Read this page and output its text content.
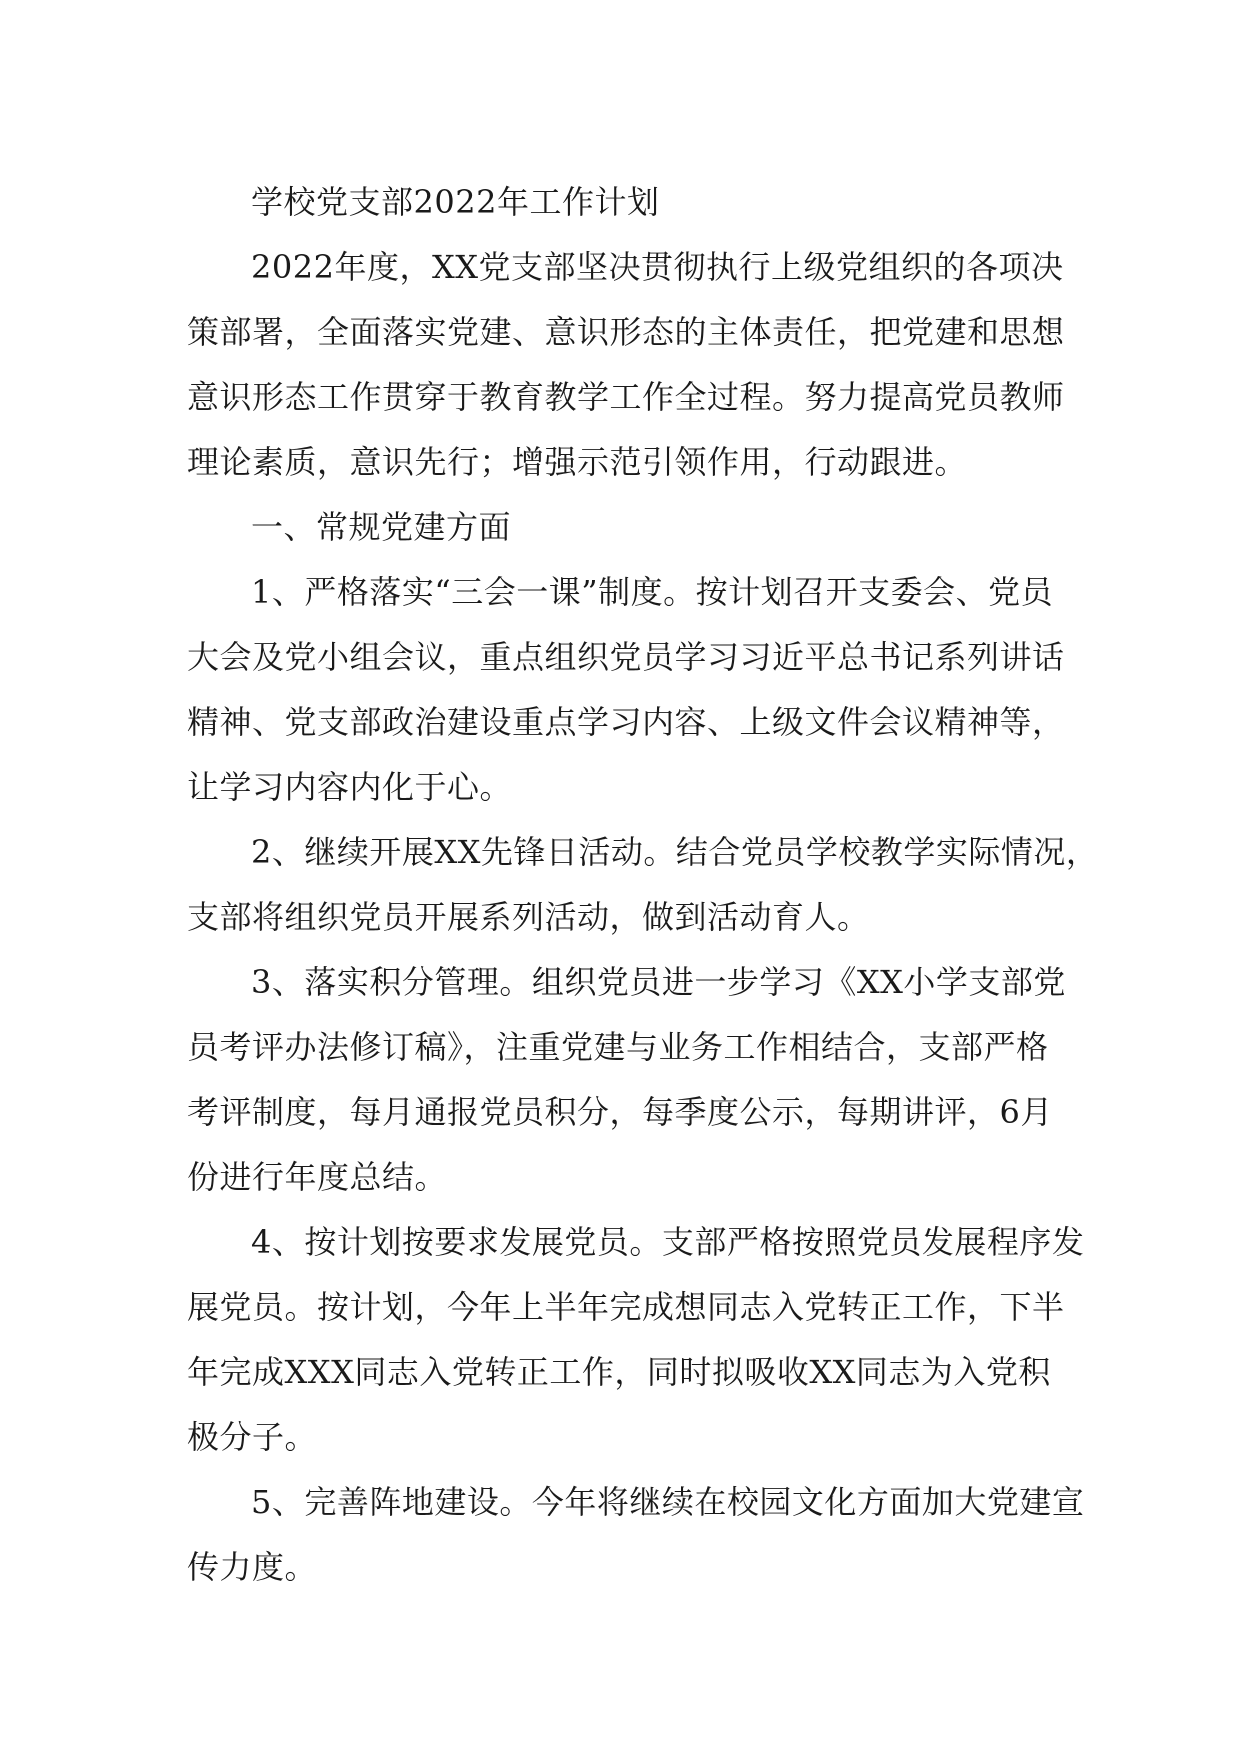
学校党支部2022年工作计划
2022年度，XX党支部坚决贯彻执行上级党组织的各项决
策部署，全面落实党建、意识形态的主体责任，把党建和思想
意识形态工作贯穿于教育教学工作全过程。努力提高党员教师
理论素质，意识先行；增强示范引领作用，行动跟进。
一、常规党建方面
1、严格落实“三会一课”制度。按计划召开支委会、党员
大会及党小组会议，重点组织党员学习习近平总书记系列讲话
精神、党支部政治建设重点学习内容、上级文件会议精神等，
让学习内容内化于心。
2、继续开展XX先锋日活动。结合党员学校教学实际情况，
支部将组织党员开展系列活动，做到活动育人。
3、落实积分管理。组织党员进一步学习《XX小学支部党
员考评办法修订稿》，注重党建与业务工作相结合，支部严格
考评制度，每月通报党员积分，每季度公示，每期讲评，6月
份进行年度总结。
4、按计划按要求发展党员。支部严格按照党员发展程序发
展党员。按计划，今年上半年完成想同志入党转正工作，下半
年完成XXX同志入党转正工作，同时拟吸收XX同志为入党积
极分子。
5、完善阵地建设。今年将继续在校园文化方面加大党建宣
传力度。
